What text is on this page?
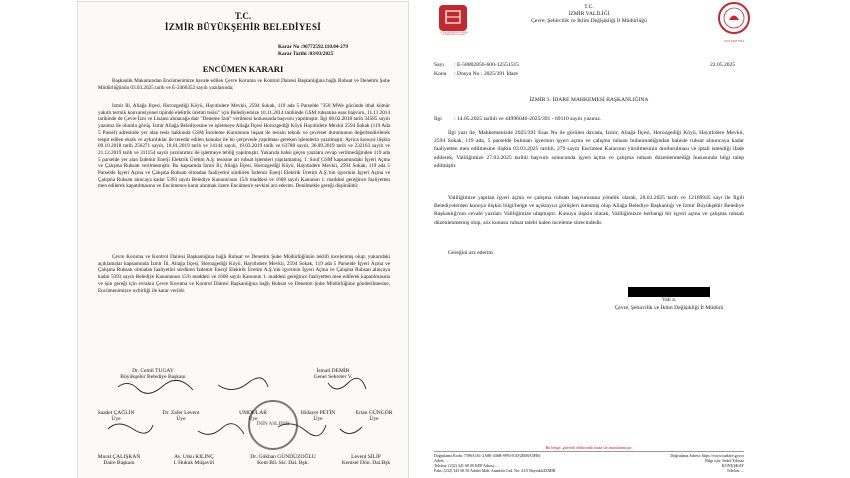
T.C.
İZMİR BÜYÜKŞEHİR BELEDİYESİ
Karar No :96772592.110.04-279
Karar Tarihi :03/03/2025
ENCÜMEN KARARI
Başkanlık Makamından Encümenimize havale edilen Çevre Koruma ve Kontrol Dairesi Başkanlığına bağlı Ruhsat ve Denetim Şube Müdürlüğünün 03.03.2025 tarih ve E-2460352 sayılı yazılarında;
İzmir İli, Aliağa İlçesi, Horozgediği Köyü, Hayıtlıdere Mevkii, 2594 Sokak, 119 ada 5 Parselde "350 MWe gücünde ithal kömür yakıtlı termik konvansiyonel tipinde elektrik üretim tesisi" için Belediyemize 10.11.2014 tarihinde GSM ruhsatına esas başvuru, 11.11.2014 tarihinde de Çevre İzni ve Lisansı alınacağa dair "Deneme İzni" verilmesi konusunda başvuru yapılmıştır. İlgi 08.02.2018 tarih 34585 sayılı yazımız ile olumlu görüş. İzmir Aliağa Belediyesine ve işletmeye Aliağa İlçesi Horozgediği Köyü Hayıtlıdere Mevkii 2594 Sokak (119 Ada 5 Parsel) adresinde yer alan tesis hakkında GSM İnceleme Kurulunun inşaat ile tesisin teknik ve çevresel durumunun değerlendirilerek tespit edilen eksik ve aykırılıklar ile teredüt edilen konular ile bu çerçevede yapılması gereken işlemlerin yazılmıştır. Ayrıca konuya ilişkin 09.10.2018 tarih 256271 sayılı, 18.01.2019 tarih ve 14144 sayılı, 19.03.2019 tarih ve 63788 sayılı, 30.09.2019 tarih ve 232163 sayılı ve 21.12.2019 tarih ve 311154 sayılı yazılarımız ile işletmeye tebliğ yapılmıştır. Yukarıda bahsi geçen yazılara cevap verilmediğinden 119 ada 5 parselde yer alan İzdemir Enerji Elektrik Üretim A.Ş. tesisine ait ruhsat işlemleri yapılamamış, 1. Sınıf GSM kapsamındaki İşyeri Açma ve Çalışma Ruhsatı verilmemiştir. Bu kapsamda İzmir İli, Aliağa İlçesi, Horozgediği Köyü, Hayıtlıdere Mevkii, 2594 Sokak, 119 ada 5 Parselde İşyeri Açma ve Çalışma Ruhsatı olmadan faaliyetini sürdüren İzdemir Enerji Elektrik Üretim A.Ş.'nin işyerinin İşyeri Açma ve Çalışma Ruhsatı alıncaya kadar 5393 sayılı Belediye Kanunu'nun 15/b maddesi ve 1608 sayılı Kanunun 1. maddesi gereğince faaliyetten men edilerek kapatılmasına ve Encümence karar alınmak üzere Encümen'e sevkini arz ederim. Denilmekle gereği düşünüldü:
Çevre Koruma ve Kontrol Dairesi Başkanlığına bağlı Ruhsat ve Denetim Şube Müdürlüğünün teklifi incelenmiş olup; yukarıdaki açıklamalar kapsamında İzmir İli, Aliağa İlçesi, Horozgediği Köyü, Hayıtlıdere Mevkii, 2594 Sokak, 119 ada 5 Parselde İşyeri Açma ve Çalışma Ruhsatı olmadan faaliyetini sürdüren İzdemir Enerji Elektrik Üretim A.Ş.'nin işyerinin İşyeri Açma ve Çalışma Ruhsatı alıncaya kadar 5393 sayılı Belediye Kanununun 15/b maddesi ve 1608 sayılı Kanunun 1. maddesi gereğince faaliyetten men edilerek kapatılmasına ve işin gereği için evrakın Çevre Koruma ve Kontrol Dairesi Başkanlığına bağlı Ruhsat ve Denetim Şube Müdürlüğüne gönderilmesine, Encümenimizce oybirliği ile karar verildi.
Dr. Cemil TUGAY
Büyükşehir Belediye Başkanı
İsmail DEMİR
Genel Sekreter V.
İNİN ASLIDIR
Saadet ÇAĞLIN
Üye
Dr. Zafer Levent
Üye
UMDULAR
Üye
Hidayet PETİN
Üye
Ertan GÜNGÖR
Üye
Murat ÇALIŞKAN
Daire Başkanı
Av. Utku KILINÇ
I. Hukuk Müşaviri
Dr. Gökhan GÜNDÜZOĞLU
Kent Bil. Sis. Dai. Bşk.
Levent SİLİP
Kentsel Dön. Dai.Bşk
ÇEVRE ŞEHİRCİLİK VE İKLİM DEĞİŞİKLİĞİ BAKANLIĞI
1973 AİLE YILI
T.C.
İZMİR VALİLİĞİ
Çevre, Şehircilik ve İklim Değişikliği İl Müdürlüğü
Sayı : E-58802856-600-12551515	22.05.2025
Konu : Dosya No : 2025/391 İdare
İZMİR 3. İDARE MAHKEMESİ BAŞKANLIĞINA
İlgi : 14.05.2025 tarihli ve 44996046-2025/391 - 69110 sayılı yazınız.
İlgi yazı ile, Mahkemenizde 2025/391 Esas No ile görülen davada, İzmir, Aliağa İlçesi, Horozgediği Köyü, Hayıtlıdere Mevkii, 2594 Sokak, 119 ada, 5 parselde bulunan işyerinin işyeri açma ve çalışma ruhsatı bulunmadığından bahisle ruhsat alınıncaya kadar faaliyetten men edilmesine ilişkin 03.03.2025 tarihli, 279 sayılı Encümen Kararının yürütmesinin durdurulması ve iptali istendiği ifade edilerek, Valiliğimize 27.03.2025 tarihli başvuru sonucunda işyeri açma ve çalışma ruhsatı düzenlenmediği hususunda bilgi talep edilmiştir.
Valiliğimize yapılan işyeri açma ve çalışma ruhsatı başvurusuna yönelik olarak, 28.03.2025 tarih ve 12169945 sayı ile İlgili Belediyelerden konuya ilişkin bilgi/belge ve açıklayıcı görüşleri istenmiş olup Aliağa Belediye Başkanlığı ve İzmir Büyükşehir Belediye Başkanlığı'nın cevabi yazıları Valiliğimize ulaşmıştır. Konuya ilişkin olarak, Valiliğimizce herhangi bir işyeri açma ve çalışma ruhsatı düzenlenmemiş olup, söz konusu ruhsat talebi halen inceleme sürecindedir.
Gereğini arz ederim.
Vali a.
Çevre, Şehircilik ve İklim Değişikliği İl Müdürü
Bu belge, güvenli elektronik imza ile imzalanmıştır.
Doğrulama Kodu: 7396A161-2A8E-436B-9993-EAF2E6BA5FE6
Adres: ...
Telefon: (232) 341 68 00 KEP Adresi: ...
Faks: (232) 341 68 56 Adalet Mah. Anadolu Cad. No: 41/5 Bayraklı/İZMİR
Doğrulama Adresi: https://www.turkiye.gov.tr
Bilgi için: Sedef Yılmaz
KONUŞKAY
Telefon: ...
